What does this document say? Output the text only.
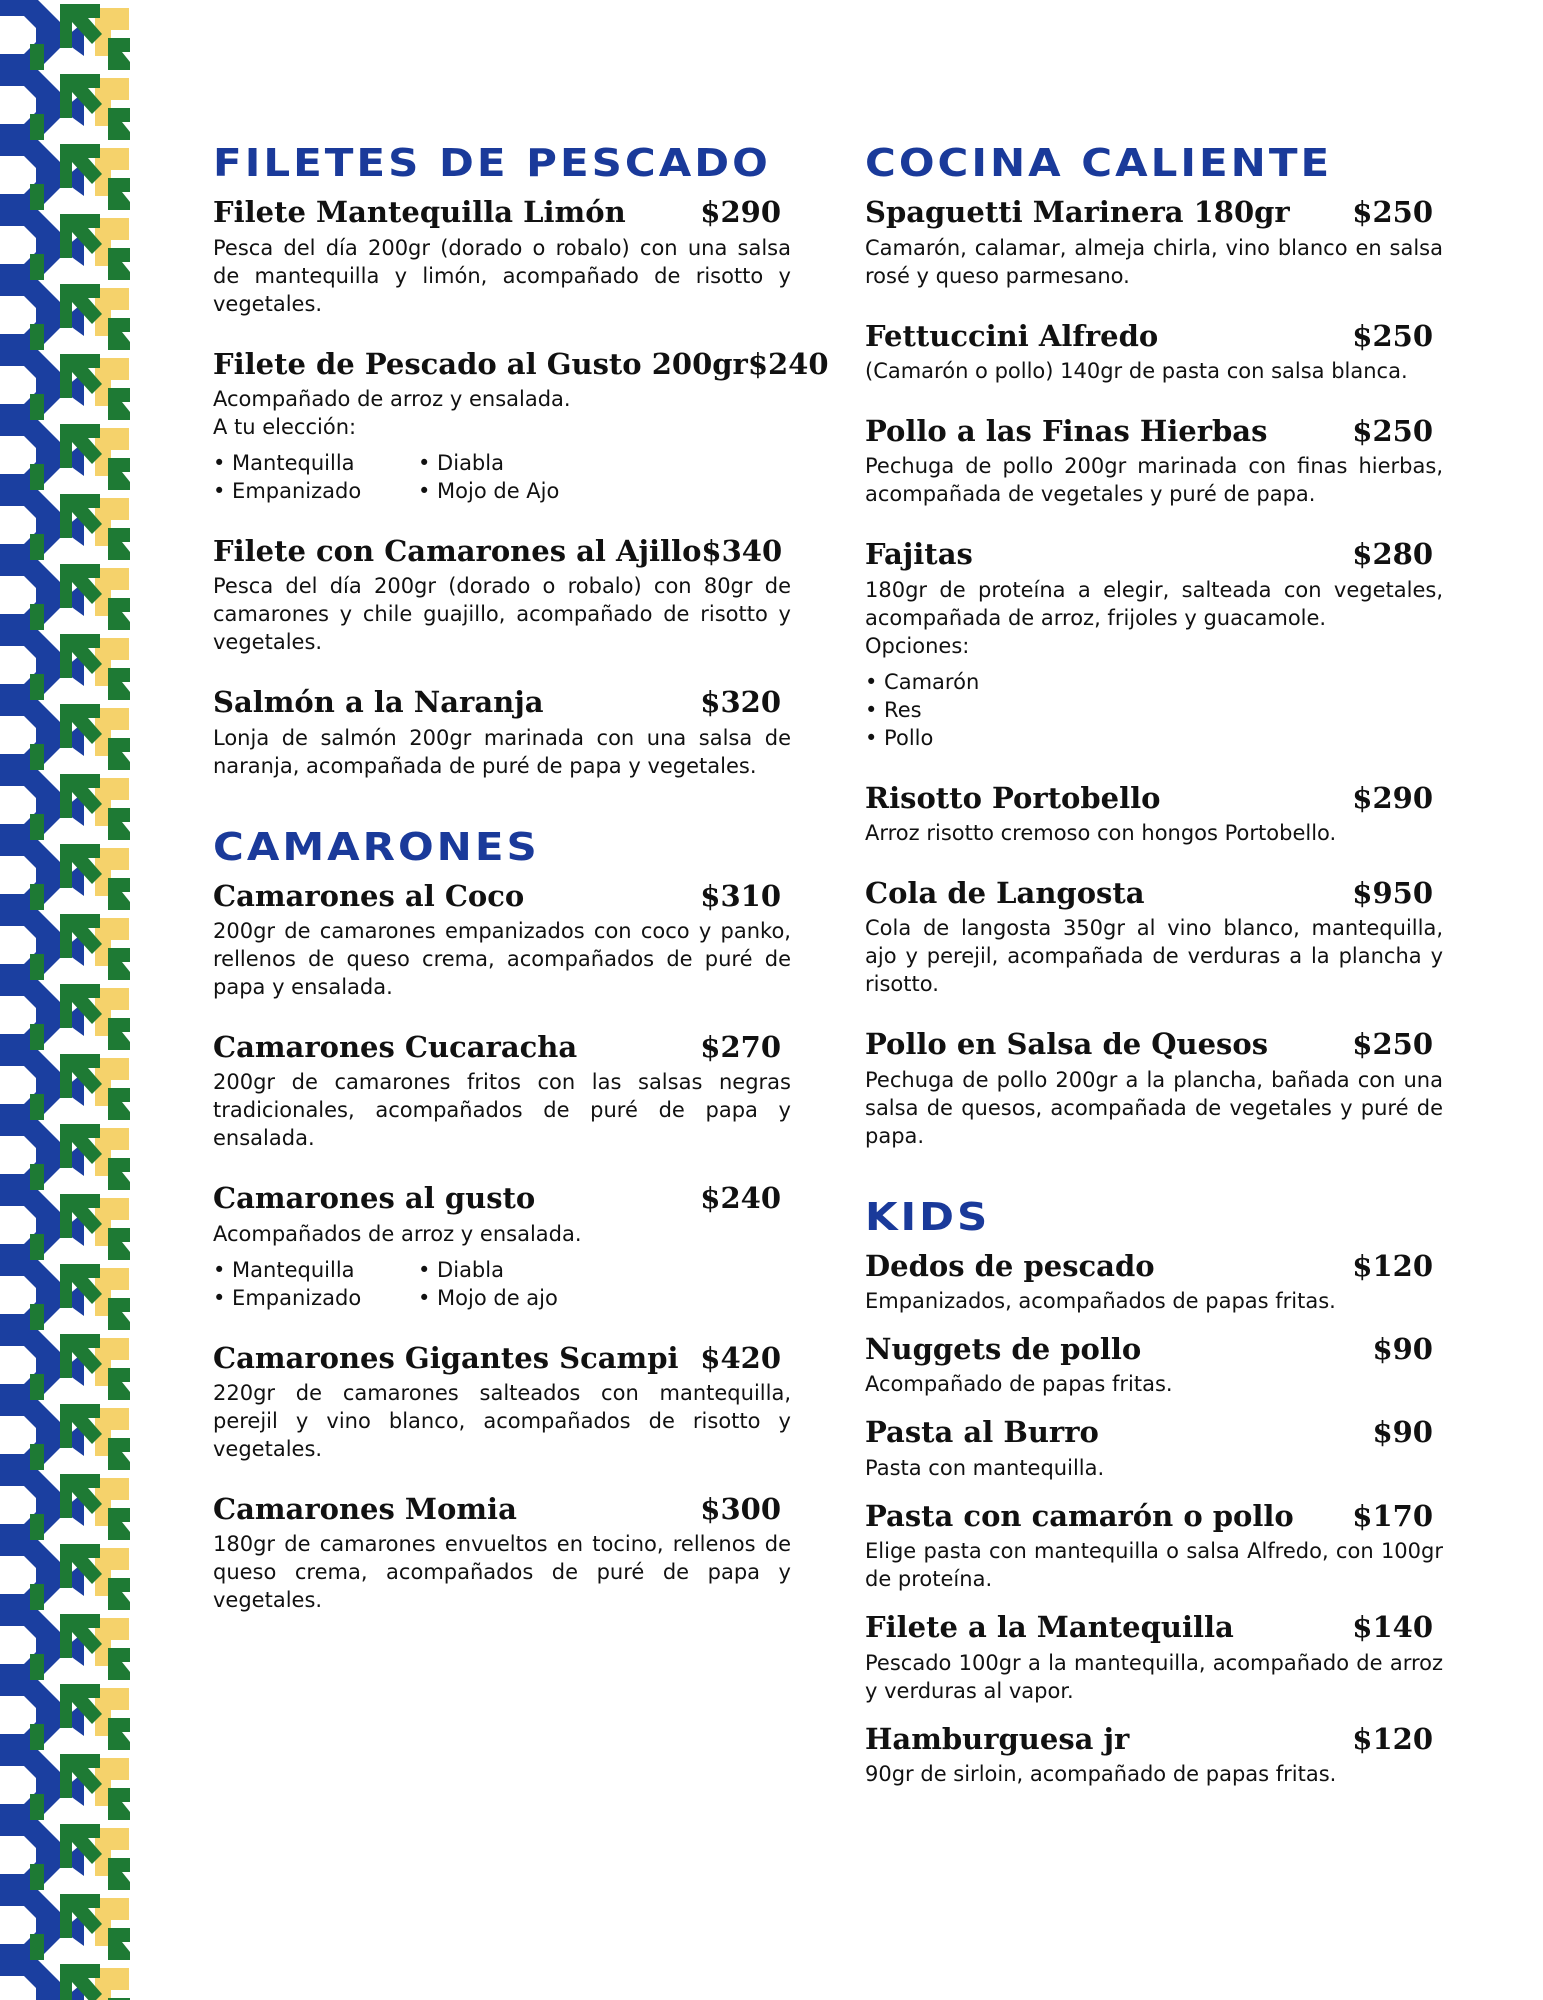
FILETES DE PESCADO
Filete Mantequilla Limón	$290

Pesca del día 200gr (dorado o robalo) con una salsa de mantequilla y limón, acompañado de risotto y vegetales.

Filete de Pescado al Gusto 200gr $240

Acompañado de arroz y ensalada.

A tu elección:

• Mantequilla	• Diabla
• Empanizado	• Mojo de Ajo
Filete con Camarones al Ajillo $340

Pesca del día 200gr (dorado o robalo) con 80gr de camarones y chile guajillo, acompañado de risotto y vegetales.

Salmón a la Naranja	$320

Lonja de salmón 200gr marinada con una salsa de naranja, acompañada de puré de papa y vegetales.

CAMARONES
Camarones al Coco	$310

200gr de camarones empanizados con coco y panko, rellenos de queso crema, acompañados de puré de papa y ensalada.

Camarones Cucaracha	$270

200gr de camarones fritos con las salsas negras tradicionales, acompañados de puré de papa y ensalada.

Camarones al gusto	$240

Acompañados de arroz y ensalada.

• Mantequilla	• Diabla
• Empanizado	• Mojo de ajo
Camarones Gigantes Scampi $420

220gr de camarones salteados con mantequilla, perejil y vino blanco, acompañados de risotto y vegetales.

Camarones Momia	$300

180gr de camarones envueltos en tocino, rellenos de queso crema, acompañados de puré de papa y vegetales.

COCINA CALIENTE
Spaguetti Marinera 180gr $250

Camarón, calamar, almeja chirla, vino blanco en salsa rosé y queso parmesano.

Fettuccini Alfredo	$250

(Camarón o pollo) 140gr de pasta con salsa blanca.

Pollo a las Finas Hierbas	$250

Pechuga de pollo 200gr marinada con finas hierbas, acompañada de vegetales y puré de papa.

Fajitas	$280

180gr de proteína a elegir, salteada con vegetales, acompañada de arroz, frijoles y guacamole.

Opciones:

• Camarón
• Res
• Pollo
Risotto Portobello	$290

Arroz risotto cremoso con hongos Portobello.

Cola de Langosta	$950

Cola de langosta 350gr al vino blanco, mantequilla, ajo y perejil, acompañada de verduras a la plancha y risotto.

Pollo en Salsa de Quesos	$250

Pechuga de pollo 200gr a la plancha, bañada con una salsa de quesos, acompañada de vegetales y puré de papa.

KIDS
Dedos de pescado	$120

Empanizados, acompañados de papas fritas.

Nuggets de pollo	$90

Acompañado de papas fritas.

Pasta al Burro	$90

Pasta con mantequilla.

Pasta con camarón o pollo $170

Elige pasta con mantequilla o salsa Alfredo, con 100gr de proteína.

Filete a la Mantequilla	$140

Pescado 100gr a la mantequilla, acompañado de arroz y verduras al vapor.

Hamburguesa jr	$120

90gr de sirloin, acompañado de papas fritas.
